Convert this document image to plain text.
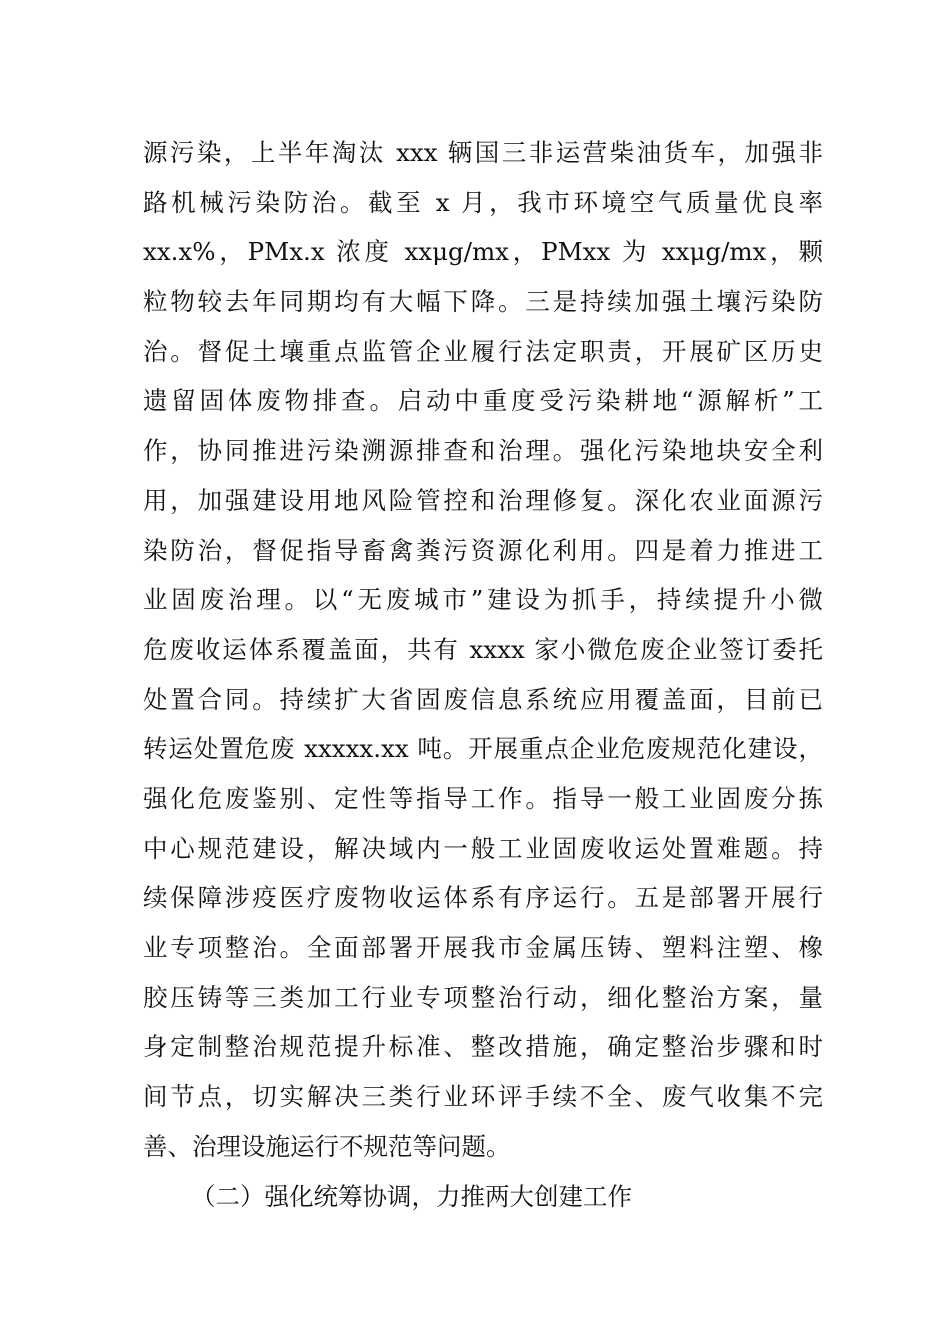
源污染，上半年淘汰 xxx 辆国三非运营柴油货车，加强非
路机械污染防治。截至 x 月，我市环境空气质量优良率
xx.x%，PMx.x 浓度 xxμg/mx，PMxx 为 xxμg/mx，颗
粒物较去年同期均有大幅下降。三是持续加强土壤污染防
治。督促土壤重点监管企业履行法定职责，开展矿区历史
遗留固体废物排查。启动中重度受污染耕地“源解析”工
作，协同推进污染溯源排查和治理。强化污染地块安全利
用，加强建设用地风险管控和治理修复。深化农业面源污
染防治，督促指导畜禽粪污资源化利用。四是着力推进工
业固废治理。以“无废城市”建设为抓手，持续提升小微
危废收运体系覆盖面，共有 xxxx 家小微危废企业签订委托
处置合同。持续扩大省固废信息系统应用覆盖面，目前已
转运处置危废 xxxxx.xx 吨。开展重点企业危废规范化建设，
强化危废鉴别、定性等指导工作。指导一般工业固废分拣
中心规范建设，解决域内一般工业固废收运处置难题。持
续保障涉疫医疗废物收运体系有序运行。五是部署开展行
业专项整治。全面部署开展我市金属压铸、塑料注塑、橡
胶压铸等三类加工行业专项整治行动，细化整治方案，量
身定制整治规范提升标准、整改措施，确定整治步骤和时
间节点，切实解决三类行业环评手续不全、废气收集不完
善、治理设施运行不规范等问题。
（二）强化统筹协调，力推两大创建工作
